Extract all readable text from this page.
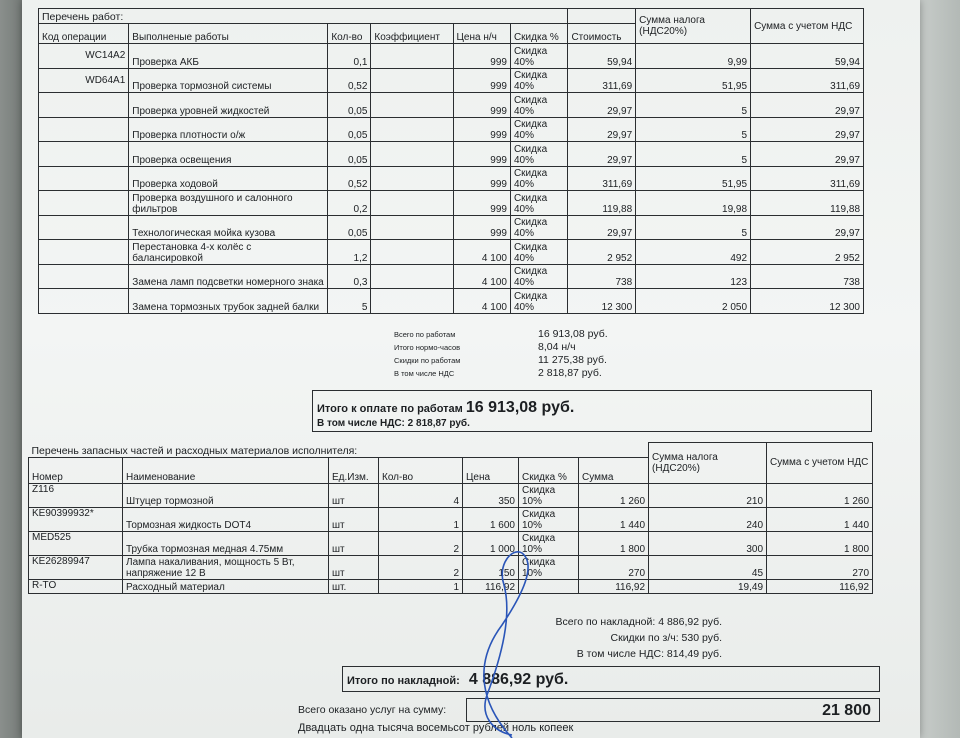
Перечень работ:							Сумма налога (НДС20%)	Сумма с учетом НДС
Код операции	Выполненые работы	Кол-во	Коэффициент	Цена н/ч	Скидка %	Стоимость		
WC14A2	Проверка АКБ	0,1		999	Скидка 40%	59,94	9,99	59,94
WD64A1	Проверка тормозной системы	0,52		999	Скидка 40%	311,69	51,95	311,69
	Проверка уровней жидкостей	0,05		999	Скидка 40%	29,97	5	29,97
	Проверка плотности о/ж	0,05		999	Скидка 40%	29,97	5	29,97
	Проверка освещения	0,05		999	Скидка 40%	29,97	5	29,97
	Проверка ходовой	0,52		999	Скидка 40%	311,69	51,95	311,69
	Проверка воздушного и салонного фильтров	0,2		999	Скидка 40%	119,88	19,98	119,88
	Технологическая мойка кузова	0,05		999	Скидка 40%	29,97	5	29,97
	Перестановка 4-х колёс с балансировкой	1,2		4 100	Скидка 40%	2 952	492	2 952
	Замена ламп подсветки номерного знака	0,3		4 100	Скидка 40%	738	123	738
	Замена тормозных трубок задней балки	5		4 100	Скидка 40%	12 300	2 050	12 300
Всего по работам	16 913,08 руб.
Итого нормо-часов	8,04 н/ч
Скидки по работам	11 275,38 руб.
В том числе НДС	2 818,87 руб.
Итого к оплате по работам 16 913,08 руб.
В том числе НДС: 2 818,87 руб.
Перечень запасных частей и расходных материалов исполнителя:							Сумма налога (НДС20%)	Сумма с учетом НДС
Номер	Наименование	Ед.Изм.	Кол-во	Цена	Скидка %	Сумма		
Z116	Штуцер тормозной	шт	4	350	Скидка 10%	1 260	210	1 260
KE90399932*	Тормозная жидкость DOT4	шт	1	1 600	Скидка 10%	1 440	240	1 440
MED525	Трубка тормозная медная 4.75мм	шт	2	1 000	Скидка 10%	1 800	300	1 800
KE26289947	Лампа накаливания, мощность 5 Вт, напряжение 12 В	шт	2	150	Скидка 10%	270	45	270
R-TO	Расходный материал	шт.	1	116,92		116,92	19,49	116,92
Всего по накладной: 4 886,92 руб.
Скидки по з/ч: 530 руб.
В том числе НДС: 814,49 руб.
Итого по накладной: 4 886,92 руб.
Всего оказано услуг на сумму:	21 800
Двадцать одна тысяча восемьсот рублей ноль копеек
